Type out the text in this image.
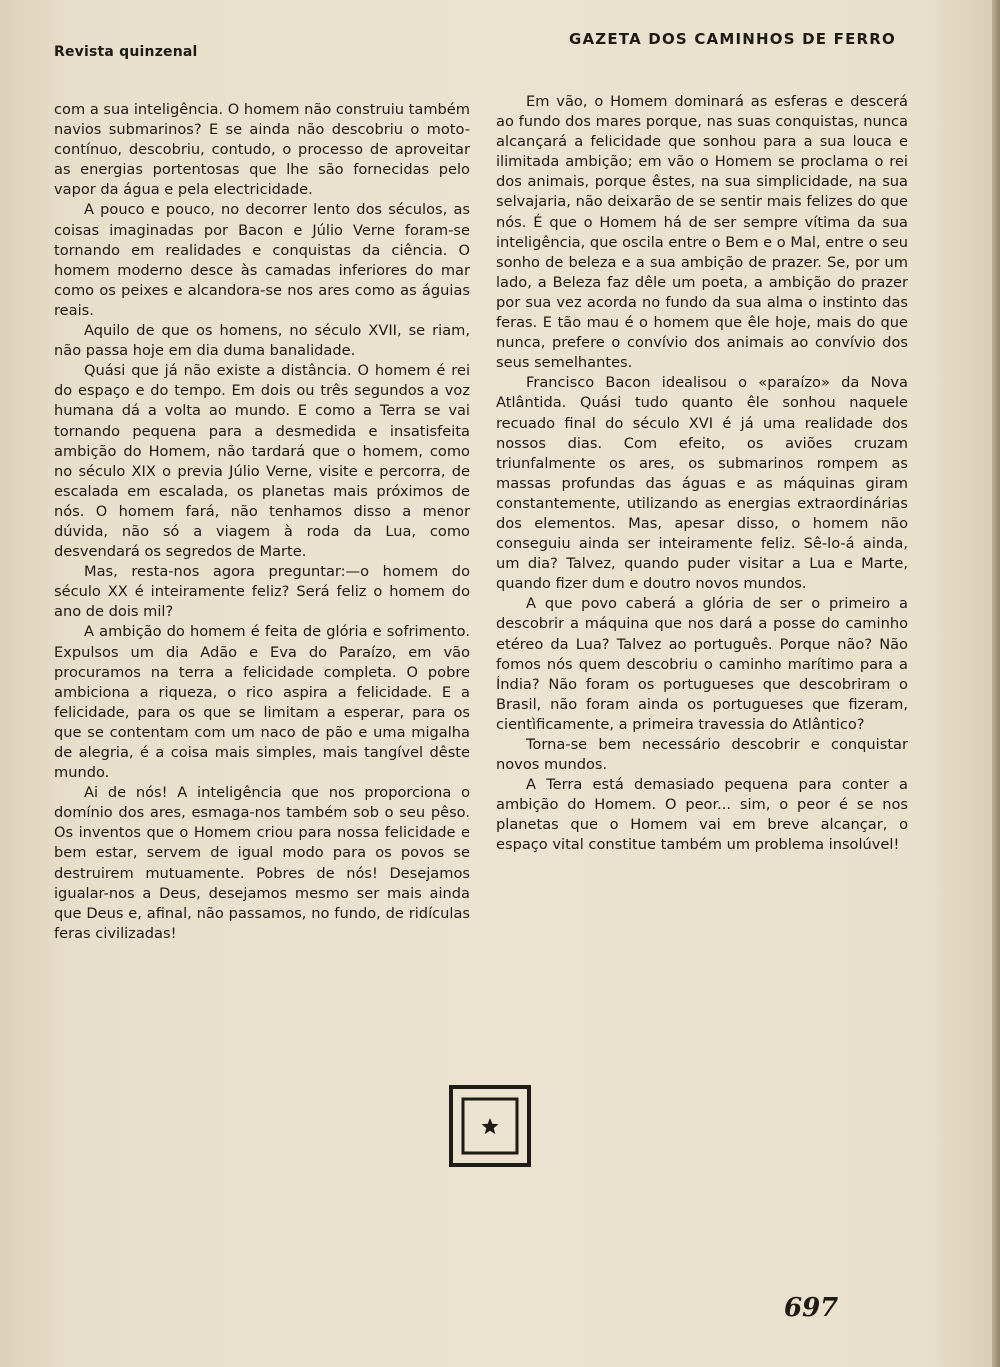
Revista quinzenal
GAZETA DOS CAMINHOS DE FERRO

com a sua inteligência. O homem não construiu também navios submarinos? E se ainda não descobriu o moto-contínuo, descobriu, contudo, o processo de aproveitar as energias portentosas que lhe são fornecidas pelo vapor da água e pela electricidade.

A pouco e pouco, no decorrer lento dos séculos, as coisas imaginadas por Bacon e Júlio Verne foram-se tornando em realidades e conquistas da ciência. O homem moderno desce às camadas inferiores do mar como os peixes e alcandora-se nos ares como as águias reais.

Aquilo de que os homens, no século XVII, se riam, não passa hoje em dia duma banalidade.

Quási que já não existe a distância. O homem é rei do espaço e do tempo. Em dois ou três segundos a voz humana dá a volta ao mundo. E como a Terra se vai tornando pequena para a desmedida e insatisfeita ambição do Homem, não tardará que o homem, como no século XIX o previa Júlio Verne, visite e percorra, de escalada em escalada, os planetas mais próximos de nós. O homem fará, não tenhamos disso a menor dúvida, não só a viagem à roda da Lua, como desvendará os segredos de Marte.

Mas, resta-nos agora preguntar:—o homem do século XX é inteiramente feliz? Será feliz o homem do ano de dois mil?

A ambição do homem é feita de glória e sofrimento. Expulsos um dia Adão e Eva do Paraízo, em vão procuramos na terra a felicidade completa. O pobre ambiciona a riqueza, o rico aspira a felicidade. E a felicidade, para os que se limitam a esperar, para os que se contentam com um naco de pão e uma migalha de alegria, é a coisa mais simples, mais tangível dêste mundo.

Ai de nós! A inteligência que nos proporciona o domínio dos ares, esmaga-nos também sob o seu pêso. Os inventos que o Homem criou para nossa felicidade e bem estar, servem de igual modo para os povos se destruirem mutuamente. Pobres de nós! Desejamos igualar-nos a Deus, desejamos mesmo ser mais ainda que Deus e, afinal, não passamos, no fundo, de ridículas feras civilizadas!

Em vão, o Homem dominará as esferas e descerá ao fundo dos mares porque, nas suas conquistas, nunca alcançará a felicidade que sonhou para a sua louca e ilimitada ambição; em vão o Homem se proclama o rei dos animais, porque êstes, na sua simplicidade, na sua selvajaria, não deixarão de se sentir mais felizes do que nós. É que o Homem há de ser sempre vítima da sua inteligência, que oscila entre o Bem e o Mal, entre o seu sonho de beleza e a sua ambição de prazer. Se, por um lado, a Beleza faz dêle um poeta, a ambição do prazer por sua vez acorda no fundo da sua alma o instinto das feras. E tão mau é o homem que êle hoje, mais do que nunca, prefere o convívio dos animais ao convívio dos seus semelhantes.

Francisco Bacon idealisou o «paraízo» da Nova Atlântida. Quási tudo quanto êle sonhou naquele recuado final do século XVI é já uma realidade dos nossos dias. Com efeito, os aviões cruzam triunfalmente os ares, os submarinos rompem as massas profundas das águas e as máquinas giram constantemente, utilizando as energias extraordinárias dos elementos. Mas, apesar disso, o homem não conseguiu ainda ser inteiramente feliz. Sê-lo-á ainda, um dia? Talvez, quando puder visitar a Lua e Marte, quando fizer dum e doutro novos mundos.

A que povo caberá a glória de ser o primeiro a descobrir a máquina que nos dará a posse do caminho etéreo da Lua? Talvez ao português. Porque não? Não fomos nós quem descobriu o caminho marítimo para a Índia? Não foram os portugueses que descobriram o Brasil, não foram ainda os portugueses que fizeram, cientìficamente, a primeira travessia do Atlântico?

Torna-se bem necessário descobrir e conquistar novos mundos.

A Terra está demasiado pequena para conter a ambição do Homem. O peor... sim, o peor é se nos planetas que o Homem vai em breve alcançar, o espaço vital constitue também um problema insolúvel!

697
